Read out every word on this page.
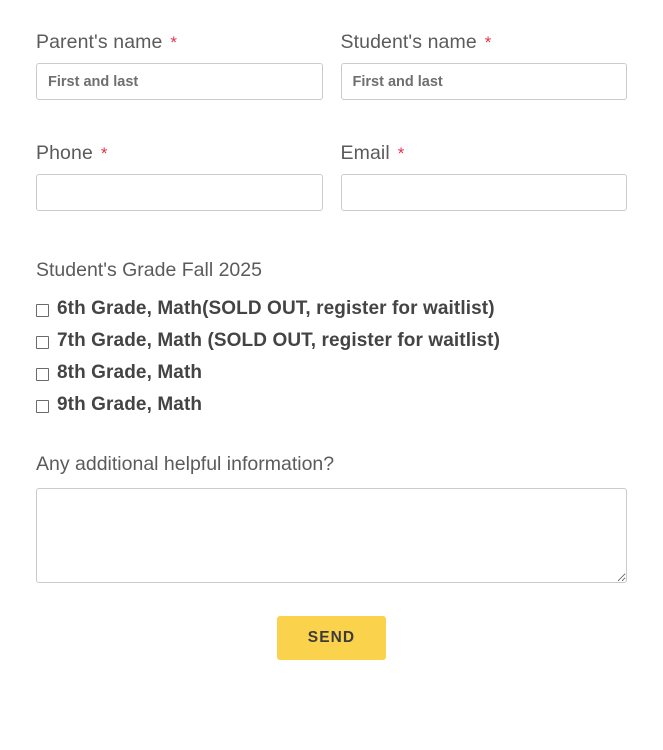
Parent's name *
First and last	Student's name *
First and last
Phone *	Email *
Student's Grade Fall 2025
6th Grade, Math(SOLD OUT, register for waitlist)
7th Grade, Math (SOLD OUT, register for waitlist)
8th Grade, Math
9th Grade, Math
Any additional helpful information?
SEND
